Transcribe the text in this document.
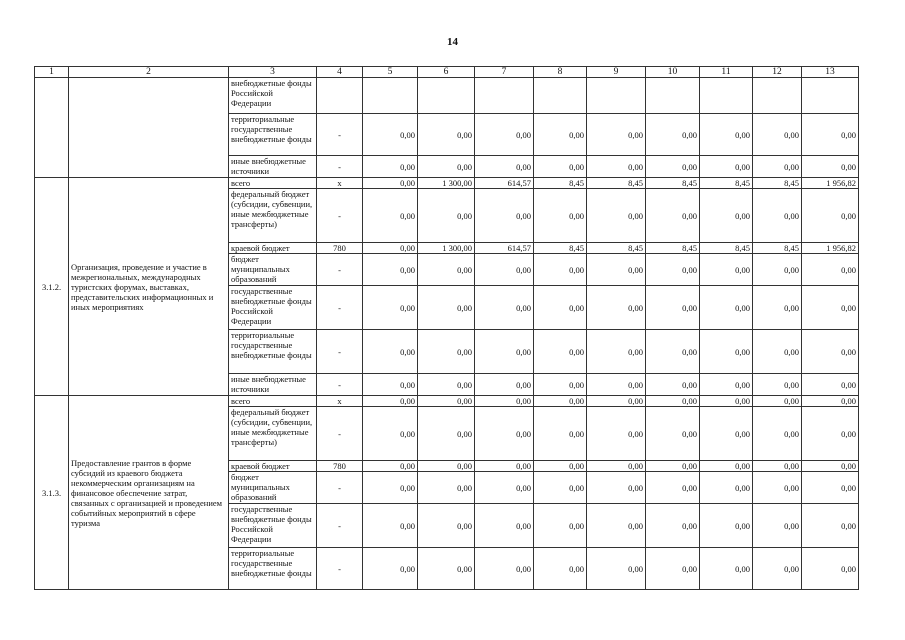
14
1	2	3	4	5	6	7	8	9	10	11	12	13
		внебюджетные фонды Российской Федерации										
		территориальные государственные внебюджетные фонды	-	0,00	0,00	0,00	0,00	0,00	0,00	0,00	0,00	0,00
		иные внебюджетные источники	-	0,00	0,00	0,00	0,00	0,00	0,00	0,00	0,00	0,00
3.1.2.	Организация, проведение и участие в межрегиональных, международных туристских форумах, выставках, представительских информационных и иных мероприятиях	всего	x	0,00	1 300,00	614,57	8,45	8,45	8,45	8,45	8,45	1 956,82
		федеральный бюджет (субсидии, субвенции, иные межбюджетные трансферты)	-	0,00	0,00	0,00	0,00	0,00	0,00	0,00	0,00	0,00
		краевой бюджет	780	0,00	1 300,00	614,57	8,45	8,45	8,45	8,45	8,45	1 956,82
		бюджет муниципальных образований	-	0,00	0,00	0,00	0,00	0,00	0,00	0,00	0,00	0,00
		государственные внебюджетные фонды Российской Федерации	-	0,00	0,00	0,00	0,00	0,00	0,00	0,00	0,00	0,00
		территориальные государственные внебюджетные фонды	-	0,00	0,00	0,00	0,00	0,00	0,00	0,00	0,00	0,00
		иные внебюджетные источники	-	0,00	0,00	0,00	0,00	0,00	0,00	0,00	0,00	0,00
3.1.3.	Предоставление грантов в форме субсидий из краевого бюджета некоммерческим организациям на финансовое обеспечение затрат, связанных с организацией и проведением событийных мероприятий в сфере туризма	всего	x	0,00	0,00	0,00	0,00	0,00	0,00	0,00	0,00	0,00
		федеральный бюджет (субсидии, субвенции, иные межбюджетные трансферты)	-	0,00	0,00	0,00	0,00	0,00	0,00	0,00	0,00	0,00
		краевой бюджет	780	0,00	0,00	0,00	0,00	0,00	0,00	0,00	0,00	0,00
		бюджет муниципальных образований	-	0,00	0,00	0,00	0,00	0,00	0,00	0,00	0,00	0,00
		государственные внебюджетные фонды Российской Федерации	-	0,00	0,00	0,00	0,00	0,00	0,00	0,00	0,00	0,00
		территориальные государственные внебюджетные фонды	-	0,00	0,00	0,00	0,00	0,00	0,00	0,00	0,00	0,00
